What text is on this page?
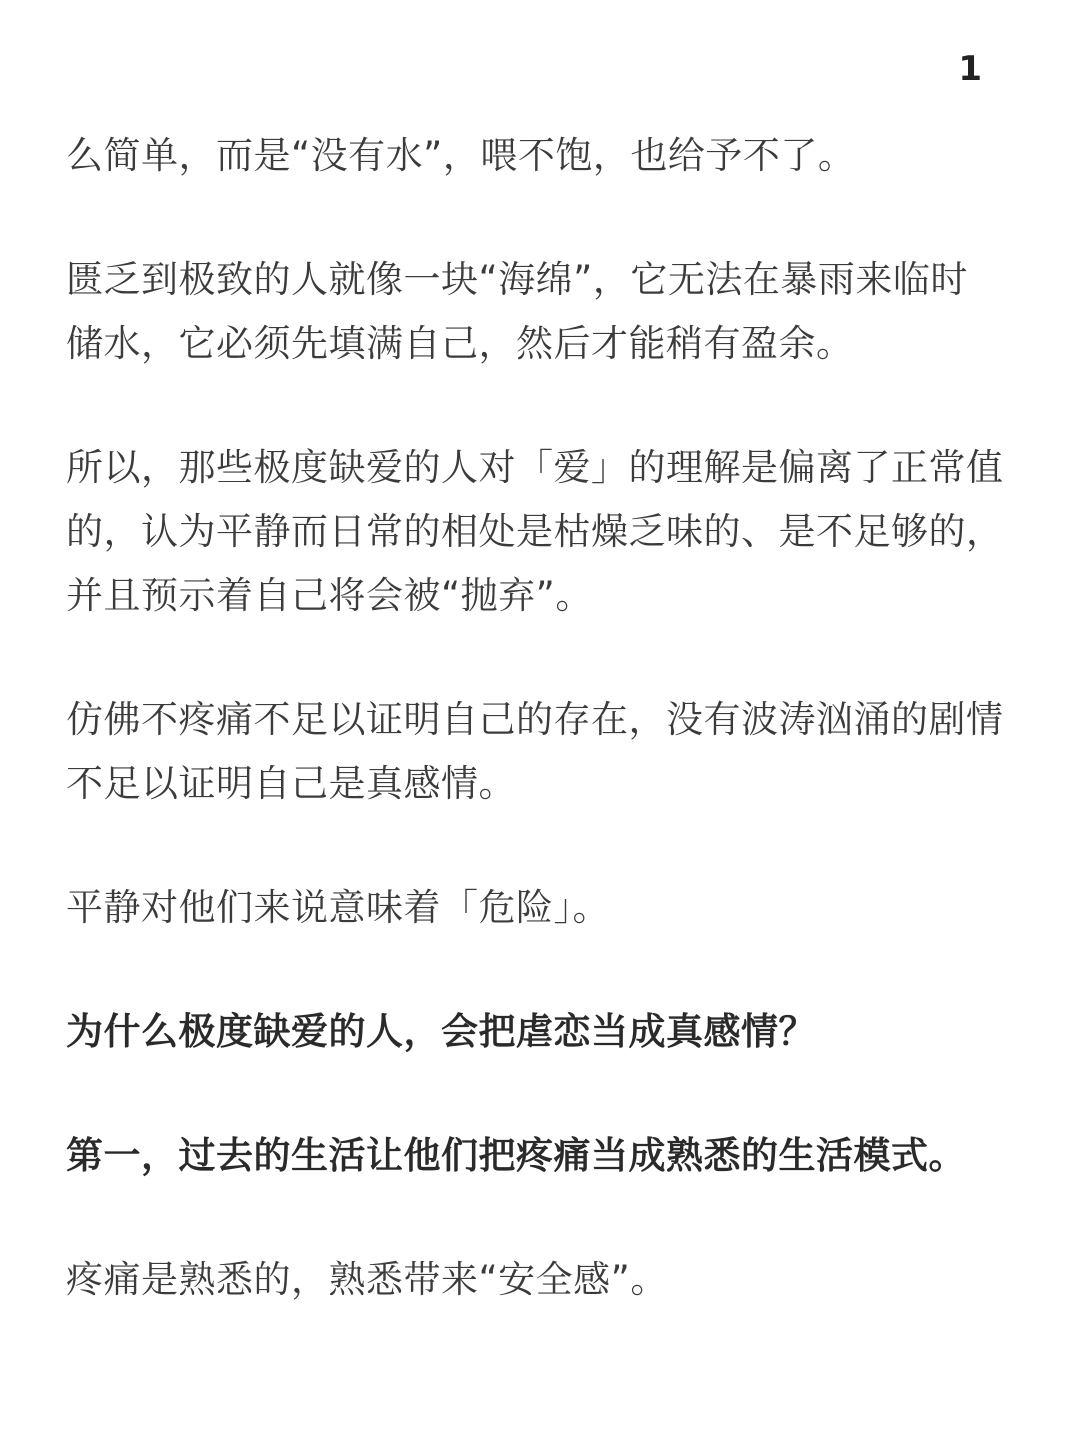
1

么简单，而是“没有水”，喂不饱，也给予不了。

匮乏到极致的人就像一块“海绵”，它无法在暴雨来临时
储水，它必须先填满自己，然后才能稍有盈余。

所以，那些极度缺爱的人对「爱」的理解是偏离了正常值
的，认为平静而日常的相处是枯燥乏味的、是不足够的，
并且预示着自己将会被“抛弃”。

仿佛不疼痛不足以证明自己的存在，没有波涛汹涌的剧情
不足以证明自己是真感情。

平静对他们来说意味着「危险」。

为什么极度缺爱的人，会把虐恋当成真感情？

第一，过去的生活让他们把疼痛当成熟悉的生活模式。

疼痛是熟悉的，熟悉带来“安全感”。
